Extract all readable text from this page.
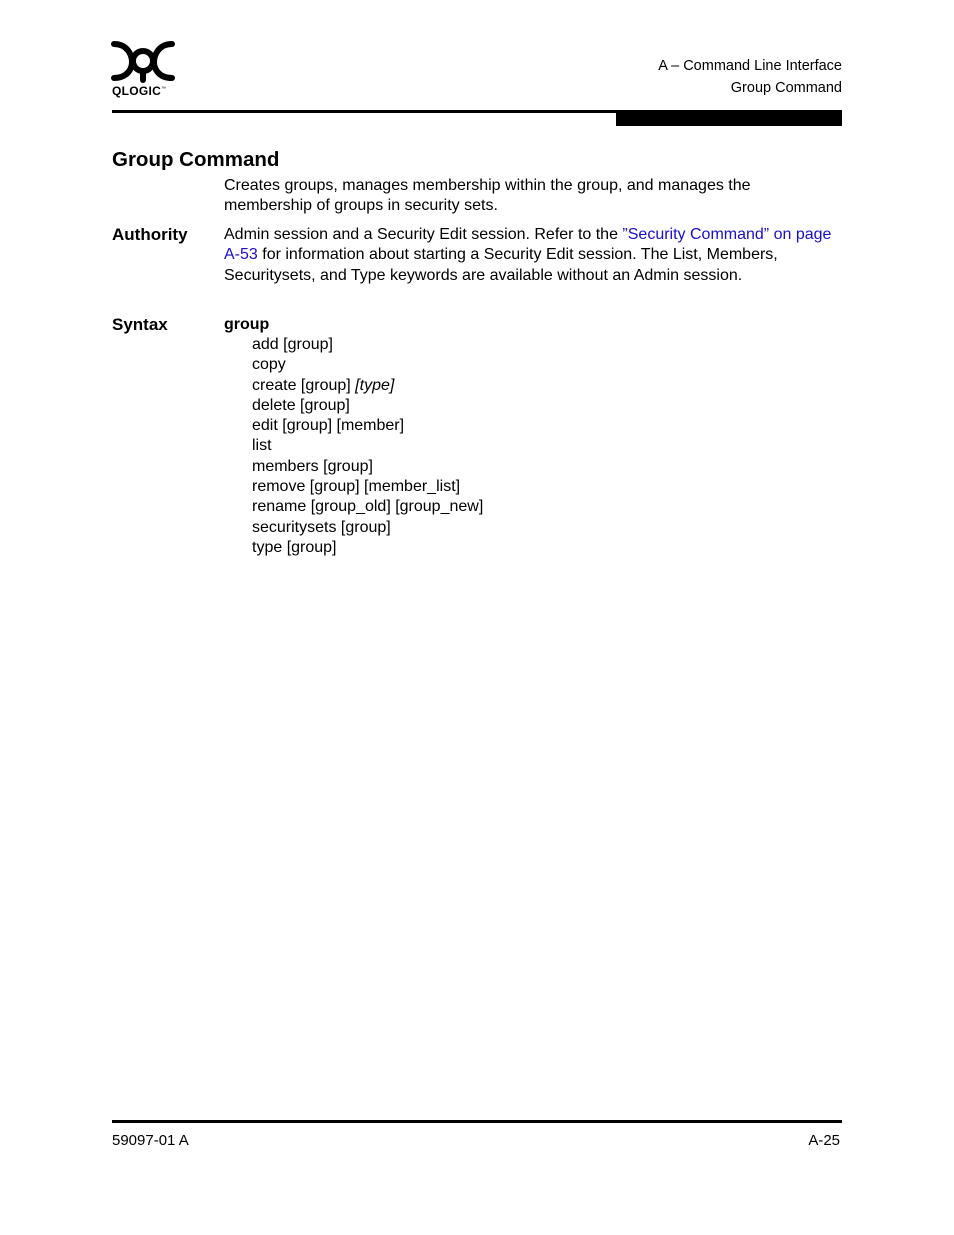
QLOGIC™
A – Command Line Interface
Group Command
Group Command
Creates groups, manages membership within the group, and manages the membership of groups in security sets.
Authority Admin session and a Security Edit session. Refer to the ”Security Command” on page A-53 for information about starting a Security Edit session. The List, Members, Securitysets, and Type keywords are available without an Admin session.
Syntax	group
add [group]
copy
create [group] [type]
delete [group]
edit [group] [member]
list
members [group]
remove [group] [member_list]
rename [group_old] [group_new]
securitysets [group]
type [group]
59097-01 A	A-25
